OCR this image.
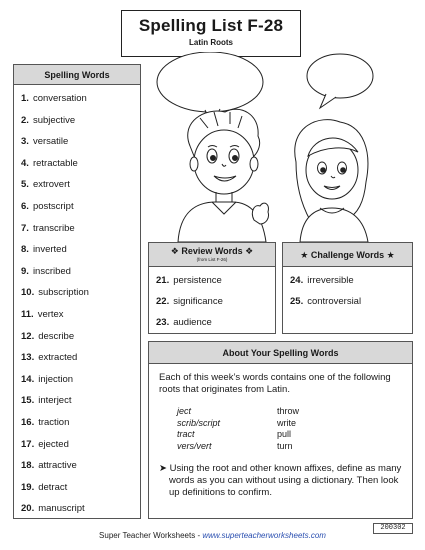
Spelling List F-28
Latin Roots
Spelling Words
1. conversation
2. subjective
3. versatile
4. retractable
5. extrovert
6. postscript
7. transcribe
8. inverted
9. inscribed
10. subscription
11. vertex
12. describe
13. extracted
14. injection
15. interject
16. traction
17. ejected
18. attractive
19. detract
20. manuscript
❖ Review Words ❖
(from List F-26)
21. persistence
22. significance
23. audience
★ Challenge Words ★
24. irreversible
25. controversial
About Your Spelling Words

Each of this week’s words contains one of the following roots that originates from Latin.

ject	throw
scrib/script	write
tract	pull
vers/vert	turn

➤ Using the root and other known affixes, define as many words as you can without using a dictionary. Then look up definitions to confirm.

Super Teacher Worksheets - www.superteacherworksheets.com
200302
